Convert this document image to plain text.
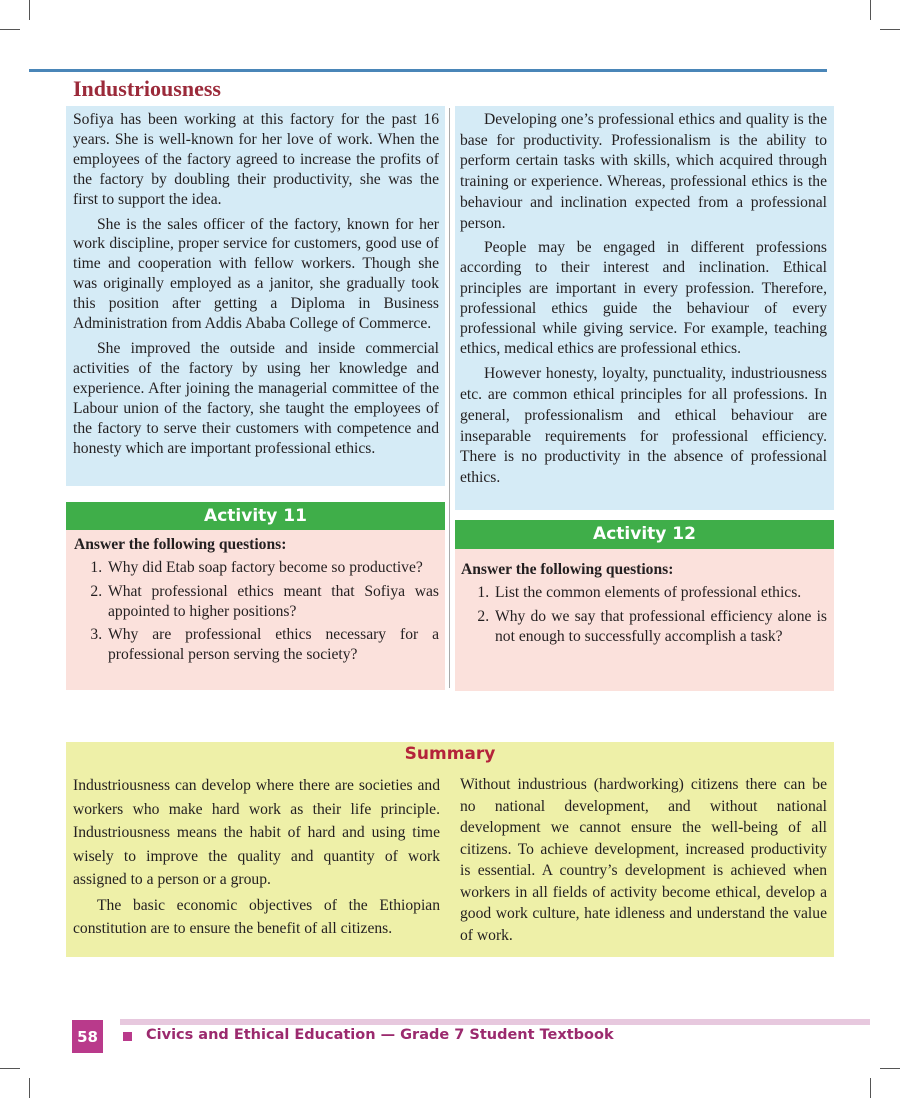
Industriousness

Sofiya has been working at this factory for the past 16 years. She is well-known for her love of work. When the employees of the factory agreed to increase the profits of the factory by doubling their productivity, she was the first to support the idea.

She is the sales officer of the factory, known for her work discipline, proper service for customers, good use of time and cooperation with fellow workers. Though she was originally employed as a janitor, she gradually took this position after getting a Diploma in Business Administration from Addis Ababa College of Commerce.

She improved the outside and inside commercial activities of the factory by using her knowledge and experience. After joining the managerial committee of the Labour union of the factory, she taught the employees of the factory to serve their customers with competence and honesty which are important professional ethics.

Developing one’s professional ethics and quality is the base for productivity. Professionalism is the ability to perform certain tasks with skills, which acquired through training or experience. Whereas, professional ethics is the behaviour and inclination expected from a professional person.

People may be engaged in different professions according to their interest and inclination. Ethical principles are important in every profession. Therefore, professional ethics guide the behaviour of every professional while giving service. For example, teaching ethics, medical ethics are professional ethics.

However honesty, loyalty, punctuality, industriousness etc. are common ethical principles for all professions. In general, professionalism and ethical behaviour are inseparable requirements for professional efficiency. There is no productivity in the absence of professional ethics.

Activity 11

Answer the following questions:

1. Why did Etab soap factory become so productive?
2. What professional ethics meant that Sofiya was appointed to higher positions?
3. Why are professional ethics necessary for a professional person serving the society?
Activity 12

Answer the following questions:

1. List the common elements of professional ethics.
2. Why do we say that professional efficiency alone is not enough to successfully accomplish a task?
Summary

Industriousness can develop where there are societies and workers who make hard work as their life principle. Industriousness means the habit of hard and using time wisely to improve the quality and quantity of work assigned to a person or a group.

The basic economic objectives of the Ethiopian constitution are to ensure the benefit of all citizens.

Without industrious (hardworking) citizens there can be no national development, and without national development we cannot ensure the well-being of all citizens. To achieve development, increased productivity is essential. A country’s development is achieved when workers in all fields of activity become ethical, develop a good work culture, hate idleness and understand the value of work.

58	Civics and Ethical Education — Grade 7 Student Textbook
